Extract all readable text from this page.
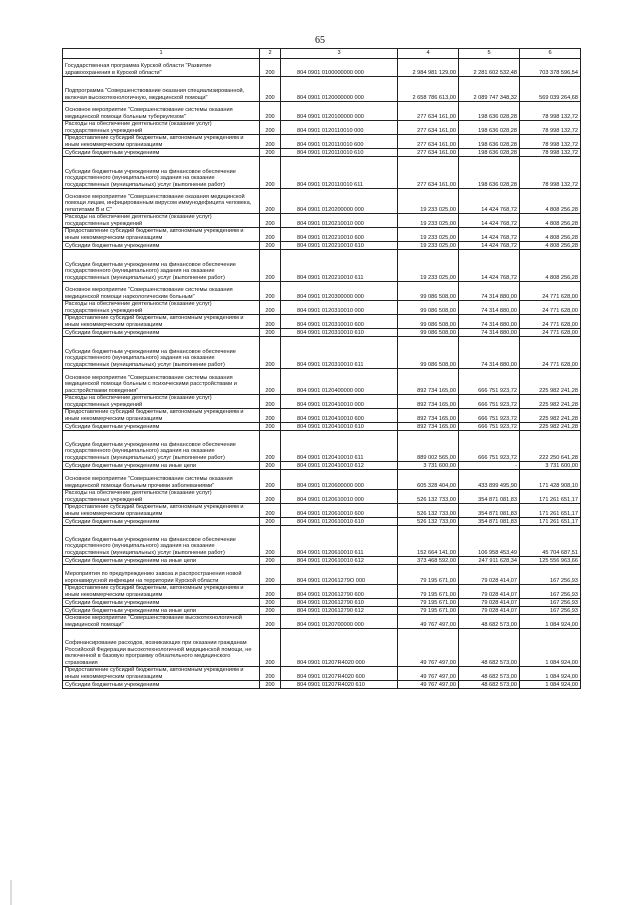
65
1	2	3	4	5	6
Государственная программа Курской области "Развитие здравоохранения в Курской области"	200	804 0901 0100000000 000	2 984 981 129,00	2 281 602 532,48	703 378 596,54
Подпрограмма "Совершенствование оказания специализированной, включая высокотехнологичную, медицинской помощи"	200	804 0901 0120000000 000	2 658 786 613,00	2 089 747 348,32	569 039 264,68
Основное мероприятие "Совершенствование системы оказания медицинской помощи больным туберкулезом"	200	804 0901 0120100000 000	277 634 161,00	198 636 028,28	78 998 132,72
Расходы на обеспечение деятельности (оказание услуг) государственных учреждений	200	804 0901 0120110010 000	277 634 161,00	198 636 028,28	78 998 132,72
Предоставление субсидий бюджетным, автономным учреждениям и иным некоммерческим организациям	200	804 0901 0120110010 600	277 634 161,00	198 636 028,28	78 998 132,72
Субсидии бюджетным учреждениям	200	804 0901 0120110010 610	277 634 161,00	198 636 028,28	78 998 132,72
Субсидии бюджетным учреждениям на финансовое обеспечение государственного (муниципального) задания на оказание государственных (муниципальных) услуг (выполнение работ)	200	804 0901 0120110010 611	277 634 161,00	198 636 028,28	78 998 132,72
Основное мероприятие "Совершенствование оказания медицинской помощи лицам, инфицированным вирусом иммунодефицита человека, гепатитами В и С"	200	804 0901 0120200000 000	19 233 025,00	14 424 768,72	4 808 256,28
Расходы на обеспечение деятельности (оказание услуг) государственных учреждений	200	804 0901 0120210010 000	19 233 025,00	14 424 768,72	4 808 256,28
Предоставление субсидий бюджетным, автономным учреждениям и иным некоммерческим организациям	200	804 0901 0120210010 600	19 233 025,00	14 424 768,72	4 808 256,28
Субсидии бюджетным учреждениям	200	804 0901 0120210010 610	19 233 025,00	14 424 768,72	4 808 256,28
Субсидии бюджетным учреждениям на финансовое обеспечение государственного (муниципального) задания на оказание государственных (муниципальных) услуг (выполнение работ)	200	804 0901 0120210010 611	19 233 025,00	14 424 768,72	4 808 256,28
Основное мероприятие "Совершенствование системы оказания медицинской помощи наркологическим больным"	200	804 0901 0120300000 000	99 086 508,00	74 314 880,00	24 771 628,00
Расходы на обеспечение деятельности (оказание услуг) государственных учреждений	200	804 0901 0120310010 000	99 086 508,00	74 314 880,00	24 771 628,00
Предоставление субсидий бюджетным, автономным учреждениям и иным некоммерческим организациям	200	804 0901 0120310010 600	99 086 508,00	74 314 880,00	24 771 628,00
Субсидии бюджетным учреждениям	200	804 0901 0120310010 610	99 086 508,00	74 314 880,00	24 771 628,00
Субсидии бюджетным учреждениям на финансовое обеспечение государственного (муниципального) задания на оказание государственных (муниципальных) услуг (выполнение работ)	200	804 0901 0120310010 611	99 086 508,00	74 314 880,00	24 771 628,00
Основное мероприятие "Совершенствование системы оказания медицинской помощи больным с психическими расстройствами и расстройствами поведения"	200	804 0901 0120400000 000	892 734 165,00	666 751 923,72	225 982 241,28
Расходы на обеспечение деятельности (оказание услуг) государственных учреждений	200	804 0901 0120410010 000	892 734 165,00	666 751 923,72	225 982 241,28
Предоставление субсидий бюджетным, автономным учреждениям и иным некоммерческим организациям	200	804 0901 0120410010 600	892 734 165,00	666 751 923,72	225 982 241,28
Субсидии бюджетным учреждениям	200	804 0901 0120410010 610	892 734 165,00	666 751 923,72	225 982 241,28
Субсидии бюджетным учреждениям на финансовое обеспечение государственного (муниципального) задания на оказание государственных (муниципальных) услуг (выполнение работ)	200	804 0901 0120410010 611	889 002 565,00	666 751 923,72	222 250 641,28
Субсидии бюджетным учреждениям на иные цели	200	804 0901 0120410010 612	3 731 600,00	-	3 731 600,00
Основное мероприятие "Совершенствование системы оказания медицинской помощи больным прочими заболеваниями"	200	804 0901 0120600000 000	605 328 404,00	433 899 495,90	171 428 908,10
Расходы на обеспечение деятельности (оказание услуг) государственных учреждений	200	804 0901 0120610010 000	526 132 733,00	354 871 081,83	171 261 651,17
Предоставление субсидий бюджетным, автономным учреждениям и иным некоммерческим организациям	200	804 0901 0120610010 600	526 132 733,00	354 871 081,83	171 261 651,17
Субсидии бюджетным учреждениям	200	804 0901 0120610010 610	526 132 733,00	354 871 081,83	171 261 651,17
Субсидии бюджетным учреждениям на финансовое обеспечение государственного (муниципального) задания на оказание государственных (муниципальных) услуг (выполнение работ)	200	804 0901 0120610010 611	152 664 141,00	106 958 453,49	45 704 687,51
Субсидии бюджетным учреждениям на иные цели	200	804 0901 0120610010 612	373 468 592,00	247 911 628,34	125 556 963,66
Мероприятия по предупреждению завоза и распространения новой коронавирусной инфекции на территории Курской области	200	804 0901 012061279О 000	79 195 671,00	79 028 414,07	167 256,93
Предоставление субсидий бюджетным, автономным учреждениям и иным некоммерческим организациям	200	804 0901 0120612790 600	79 195 671,00	79 028 414,07	167 256,93
Субсидии бюджетным учреждениям	200	804 0901 0120612790 610	79 195 671,00	79 028 414,07	167 256,93
Субсидии бюджетным учреждениям на иные цели	200	804 0901 0120612790 612	79 195 671,00	79 028 414,07	167 256,93
Основное мероприятие "Совершенствование высокотехнологичной медицинской помощи"	200	804 0901 0120700000 000	49 767 497,00	48 682 573,00	1 084 924,00
Софинансирование расходов, возникающих при оказании гражданам Российской Федерации высокотехнологичной медицинской помощи, не включенной в базовую программу обязательного медицинского страхования	200	804 0901 01207R4020 000	49 767 497,00	48 682 573,00	1 084 924,00
Предоставление субсидий бюджетным, автономным учреждениям и иным некоммерческим организациям	200	804 0901 01207R4020 600	49 767 497,00	48 682 573,00	1 084 924,00
Субсидии бюджетным учреждениям	200	804 0901 01207R4020 610	49 767 497,00	48 682 573,00	1 084 924,00
